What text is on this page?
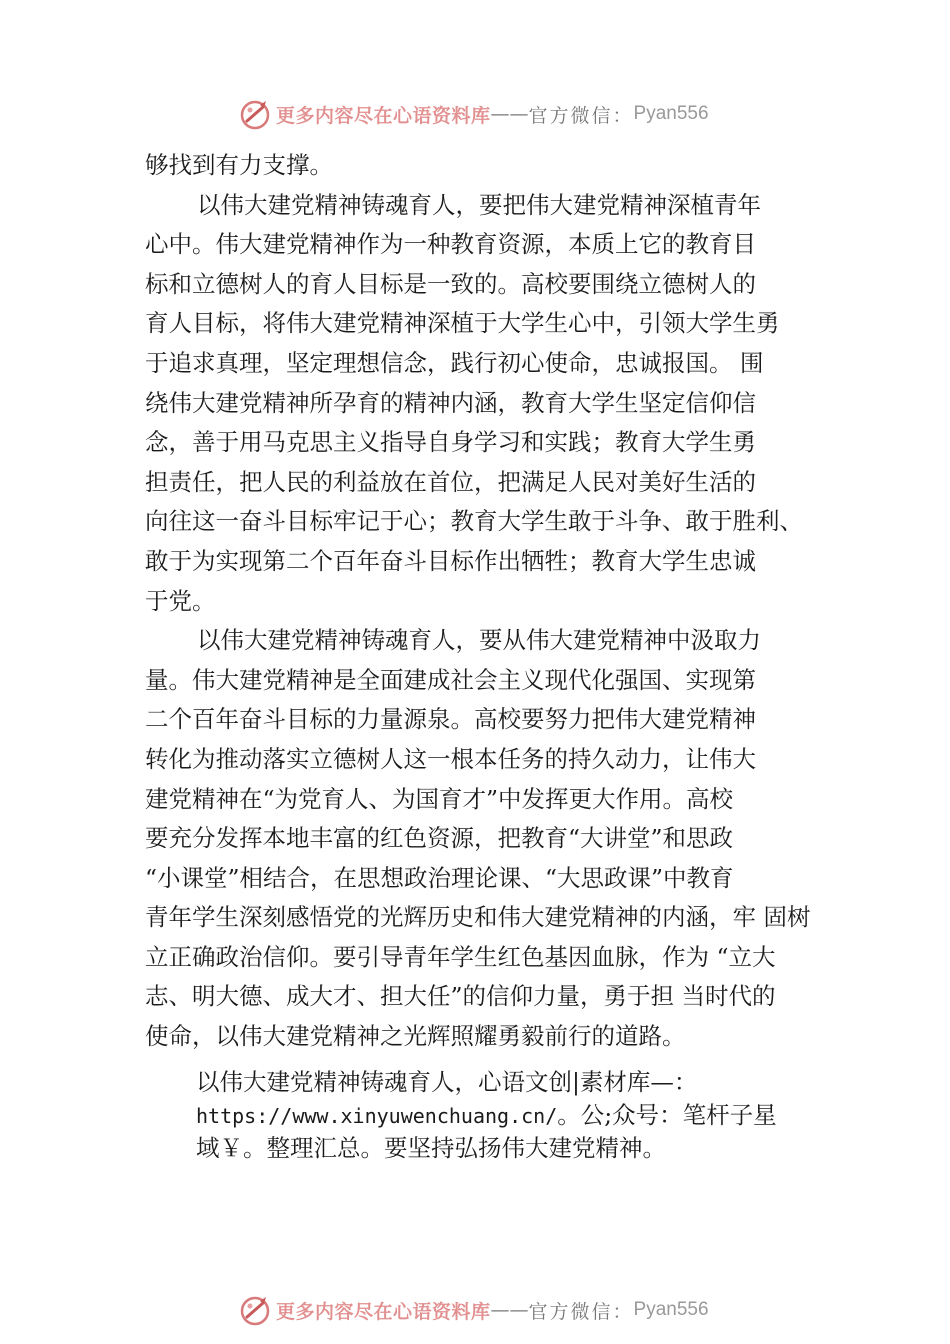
更多内容尽在心语资料库 —— 官方微信： Pyan556
够找到有力支撑。
以伟大建党精神铸魂育人，要把伟大建党精神深植青年
心中。伟大建党精神作为一种教育资源，本质上它的教育目
标和立德树人的育人目标是一致的。高校要围绕立德树人的
育人目标，将伟大建党精神深植于大学生心中，引领大学生勇
于追求真理，坚定理想信念，践行初心使命，忠诚报国。 围
绕伟大建党精神所孕育的精神内涵，教育大学生坚定信仰信
念，善于用马克思主义指导自身学习和实践；教育大学生勇
担责任，把人民的利益放在首位，把满足人民对美好生活的
向往这一奋斗目标牢记于心；教育大学生敢于斗争、敢于胜利、
敢于为实现第二个百年奋斗目标作出牺牲；教育大学生忠诚
于党。
以伟大建党精神铸魂育人，要从伟大建党精神中汲取力
量。伟大建党精神是全面建成社会主义现代化强国、实现第
二个百年奋斗目标的力量源泉。高校要努力把伟大建党精神
转化为推动落实立德树人这一根本任务的持久动力，让伟大
建党精神在“为党育人、为国育才”中发挥更大作用。高校
要充分发挥本地丰富的红色资源，把教育“大讲堂”和思政
“小课堂”相结合，在思想政治理论课、“大思政课”中教育
青年学生深刻感悟党的光辉历史和伟大建党精神的内涵，牢 固树
立正确政治信仰。要引导青年学生红色基因血脉，作为 “立大
志、明大德、成大才、担大任”的信仰力量，勇于担 当时代的
使命，以伟大建党精神之光辉照耀勇毅前行的道路。
以伟大建党精神铸魂育人，心语文创|素材库—：
https://www.xinyuwenchuang.cn/。公;众号：笔杆子星
域￥。整理汇总。要坚持弘扬伟大建党精神。
更多内容尽在心语资料库 —— 官方微信： Pyan556
